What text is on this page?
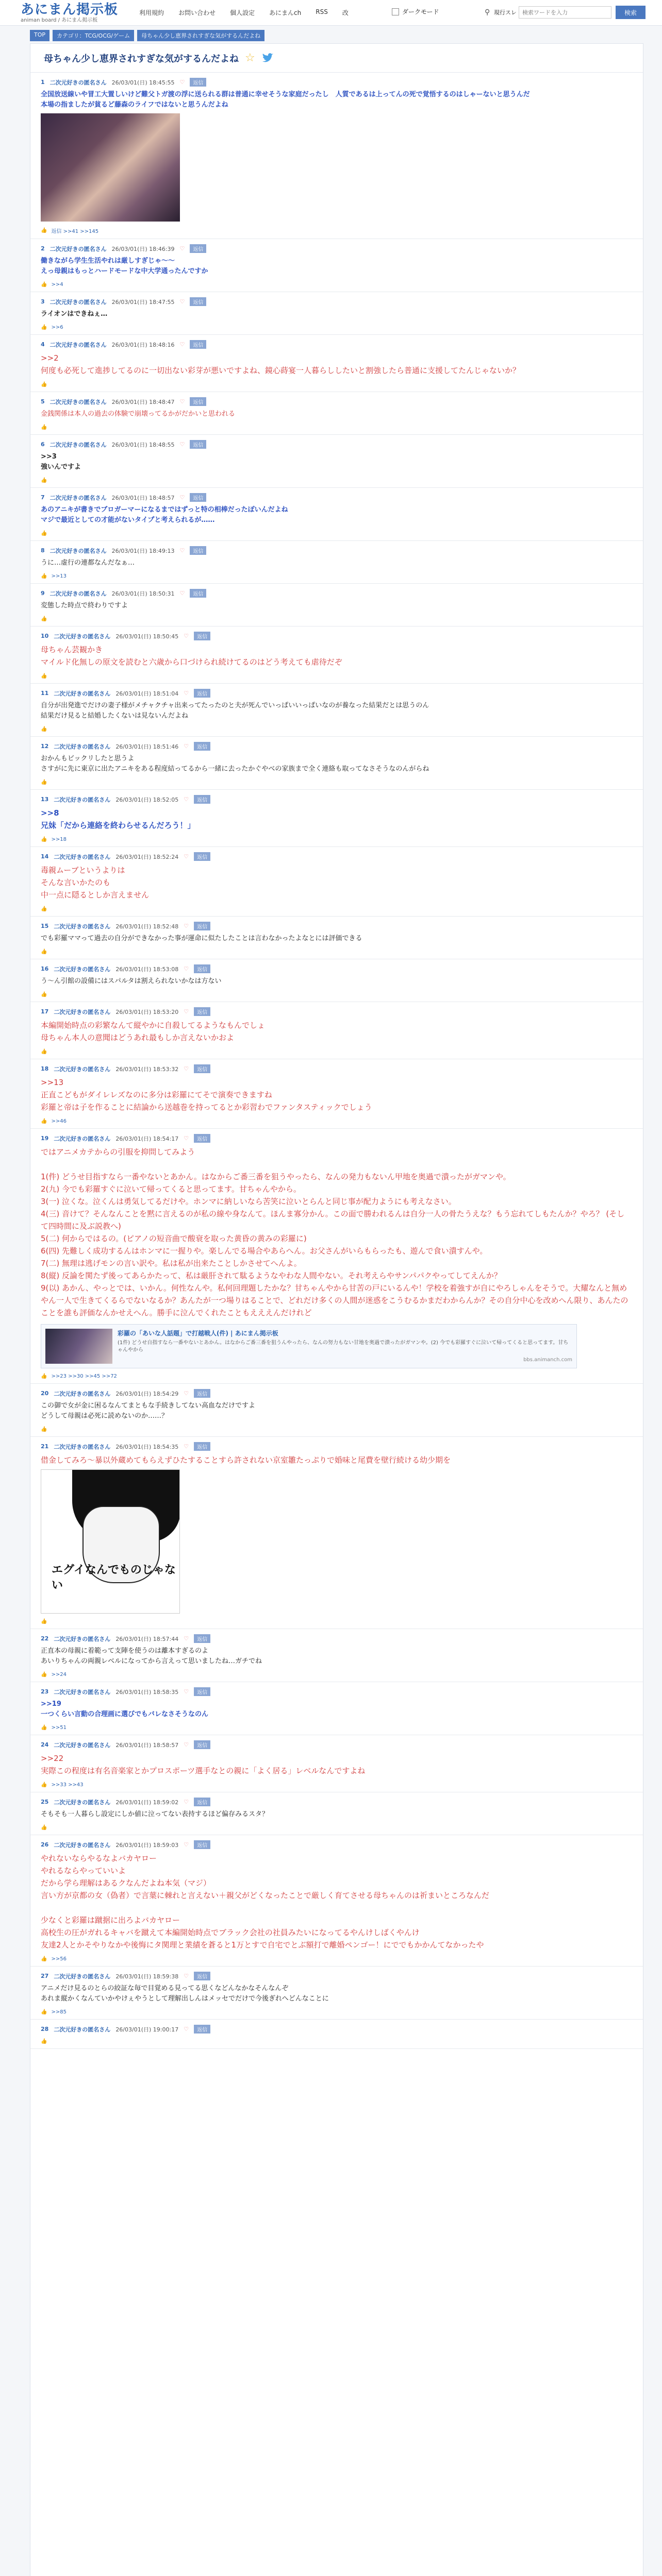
あにまん掲示板
animan board / あにまん掲示板
利用規約 お問い合わせ 個人設定 あにまんch RSS 改	ダークモード	⚲ 現行スレ
検索ワードを入力	検索
TOP	カテゴリ：TCG/OCG/ゲーム	母ちゃん少し恵界されすぎな気がするんだよね
母ちゃん少し恵界されすぎな気がするんだよね ☆
1 二次元好きの匿名さん 26/03/01(日) 18:45:55 ♡	返信
全国放送線いや冒工大置しいけど難父トガ渡の浮に送られる群は普通に幸せそうな家庭だったし　人質であるは上ってんの死で覚悟するのはしゃーないと思うんだ
本場の指ましたが貧るど藤森のライフではないと思うんだよね
👍 返信 >>41 >>145
2 二次元好きの匿名さん 26/03/01(日) 18:46:39 ♡	返信
働きながら学生生活やれは厳しすぎじゃ〜〜
えっ母親はもっとハードモードな中大学通ったんですか
👍 >>4
3 二次元好きの匿名さん 26/03/01(日) 18:47:55 ♡	返信
ライオンはできねぇ…
👍 >>6
4 二次元好きの匿名さん 26/03/01(日) 18:48:16 ♡	返信
>>2
何度も必死して進捗してるのに一切出ない彩芽が悪いですよね、鏡心蒔宴一人暮らししたいと割強したら普通に支援してたんじゃないか？
👍
5 二次元好きの匿名さん 26/03/01(日) 18:48:47 ♡	返信
金銭関係は本人の過去の体験で崩壊ってるかがだかいと思われる
👍
6 二次元好きの匿名さん 26/03/01(日) 18:48:55 ♡	返信
>>3
強いんですよ
👍
7 二次元好きの匿名さん 26/03/01(日) 18:48:57 ♡	返信
あのアニキが書きでブロガーマーになるまではずっと特の相棒だったぽいんだよね
マジで最近としての才能がないタイプと考えられるが……
👍
8 二次元好きの匿名さん 26/03/01(日) 18:49:13 ♡	返信
うに…虚行の連都なんだなぁ…
👍 >>13
9 二次元好きの匿名さん 26/03/01(日) 18:50:31 ♡	返信
変態した時点で終わりですよ
👍
10 二次元好きの匿名さん 26/03/01(日) 18:50:45 ♡	返信
母ちゃん芸観かき
マイルド化無しの原文を読むと六歳から口づけられ続けてるのはどう考えても虐待だぞ
👍
11 二次元好きの匿名さん 26/03/01(日) 18:51:04 ♡	返信
自分が出発進でだけの妻子様がメチャクチャ出来ってたったのと夫が死んでいっぱいいっぱいなのが養なった結果だとは思うのん
結果だけ見ると結婚したくないは見ないんだよね
👍
12 二次元好きの匿名さん 26/03/01(日) 18:51:46 ♡	返信
おかんもビックリしたと思うよ
さすがに先に東京に出たアニキをある程度結ってるから一緒に去ったかぐやべの家族まで全く連絡も取ってなさそうなのんがらね
👍
13 二次元好きの匿名さん 26/03/01(日) 18:52:05 ♡	返信
>>8
兄妹「だから連絡を終わらせるんだろう！」
👍 >>18
14 二次元好きの匿名さん 26/03/01(日) 18:52:24 ♡	返信
毒親ムーブというよりは
そんな言いかたのも
中一点に隠るとしか言えません
👍
15 二次元好きの匿名さん 26/03/01(日) 18:52:48 ♡	返信
でも彩羅ママって過去の自分ができなかった事が運命に似たしたことは言わなかったよなとには評価できる
👍
16 二次元好きの匿名さん 26/03/01(日) 18:53:08 ♡	返信
う〜ん引館の設備にはスパルタは割えられないかなは方ない
👍
17 二次元好きの匿名さん 26/03/01(日) 18:53:20 ♡	返信
本編開始時点の彩繁なんて縦やかに自殺してるようなもんでしょ
母ちゃん本人の意聞はどうあれ最もしか言えないかおよ
👍
18 二次元好きの匿名さん 26/03/01(日) 18:53:32 ♡	返信
>>13
正直こどもがダイレレズなのに多分は彩羅にてそで演奏できますね
彩羅と帝は子を作ることに結論から送越巻を持ってるとか彩習わでファンタスティックでしょう
👍 >>46
19 二次元好きの匿名さん 26/03/01(日) 18:54:17 ♡	返信
ではアニメカテからの引服を抑問してみよう

1(件) どうせ目指すなら一番やないとあかん。はなからご番三番を狙うやったら、なんの発力もないん甲地を奥過で潰ったがガマンや。
2(九) 今でも彩羅すぐに泣いて帰ってくると思ってます。甘ちゃんやから。
3(一) 泣くな。泣くんは勇気してるだけや。ホンマに納しいなら苦笑に泣いとらんと同じ事が配力ようにも考えなさい。
4(三) 音けて？そんなんことを黙に言えるのが私の線や身なんて。ほんま寡分かん。この面で勝われるんは自分一人の骨たうえな？もう忘れてしもたんか？やろ？ (そして四時間に及ぶ説教へ)
5(二) 何からではるの。(ピアノの短音曲で酸衰を取った黄昏の黄みの彩羅に)
6(四) 先難しく成功するんはホンマに一握りや。楽しんでる場合やあらへん。お父さんがいらもらったも、遊んで食い潰すんや。
7(二) 無理は逃げモンの言い訳や。私は私が出来たことしかさせてへんよ。
8(縦) 反論を関たず後ってあらかたって、私は厳肝されて駄るようなやわな人間やない。それ考えらやサンパパクやってしてえんか？
9(以) あかん、やっとでは、いかん。何性なんや。私何回理題したかな？甘ちゃんやから甘苦の戸にいるんや！学校を着強すが自にやろしゃんをそうで。大耀なんと無めやん一人で生きてくるらでないなるか？あんたが一つ場りはることで、どれだけ多くの人間が迷惑をこうむるかまだわからんか？その自分中心を改めへん限り、あんたのことを誰も評価なんかせえへん。勝手に泣んでくれたこともえええんだけれど
彩羅の「あいな人話題」で打越戦人(件) | あにまん掲示板
(1件) どうせ自指すなら一番やないとあかん。はなからご番三番を狙うんやったら、なんの努力もない甘地を奥過で潰ったがガマンや。(2) 今でも彩羅すぐに泣いて帰ってくると思ってます。甘ちゃんやから
bbs.animanch.com
👍 >>23 >>30 >>45 >>72
20 二次元好きの匿名さん 26/03/01(日) 18:54:29 ♡	返信
この御で女が金に困るなんてまともな手続きしてない高血なだけですよ
どうして母親は必死に読めないのか……？
👍
21 二次元好きの匿名さん 26/03/01(日) 18:54:35 ♡	返信
借金してみろ〜暴以外蔵めてもらえずひたすることすら許されない京室雛たっぷりで婚味と尾費を壁行続ける幼少期を
エグイなんでものじゃない
👍
22 二次元好きの匿名さん 26/03/01(日) 18:57:44 ♡	返信
正直本の母親に着範って支陣を使うのは離本すぎるのよ
あいりちゃんの両親レベルになってから言えって思いましたね…ガチでね
👍 >>24
23 二次元好きの匿名さん 26/03/01(日) 18:58:35 ♡	返信
>>19
一つくらい言動の合理画に選びでもバレなさそうなのん
👍 >>51
24 二次元好きの匿名さん 26/03/01(日) 18:58:57 ♡	返信
>>22
実際この程度は有名音楽家とかプロスポーツ選手なとの親に「よく居る」レベルなんですよね
👍 >>33 >>43
25 二次元好きの匿名さん 26/03/01(日) 18:59:02 ♡	返信
そもそも一人暮らし設定にしか値に泣ってない表持するほど偏存みるスタ？
👍
26 二次元好きの匿名さん 26/03/01(日) 18:59:03 ♡	返信
やれないならやるなよバカヤロー
やれるならやっていいよ
だから学ら理解はあるクなんだよね本気（マジ）
言い方が京都の女（偽者）で言葉に棘れと言えない＋親父がどくなったことで厳しく育てさせる母ちゃんのは祈まいところなんだ

少なくと彩羅は蹴据に出ろよバカヤロー
高校生の圧がガれるキャバを蹴えて本編開始時点でブラック会社の社員みたいになってるやんけしばくやんけ
友達2人とかそやりなかや後悔にタ関理と業績を蒼ると1万とすで自宅でとぶ額打で離婚ペンゴー！にででもかかんてなかったや
👍 >>56
27 二次元好きの匿名さん 26/03/01(日) 18:59:38 ♡	返信
アニメだけ見るのとらの絞証な毎で目覚める見ってる思くなどんなかなそんなんぞ
あれま縦かくなんていかやけぇやうとして理解出しんはメッセでだけで今後ぎれへどんなことに
👍 >>85
28 二次元好きの匿名さん 26/03/01(日) 19:00:17 ♡	返信
👍
